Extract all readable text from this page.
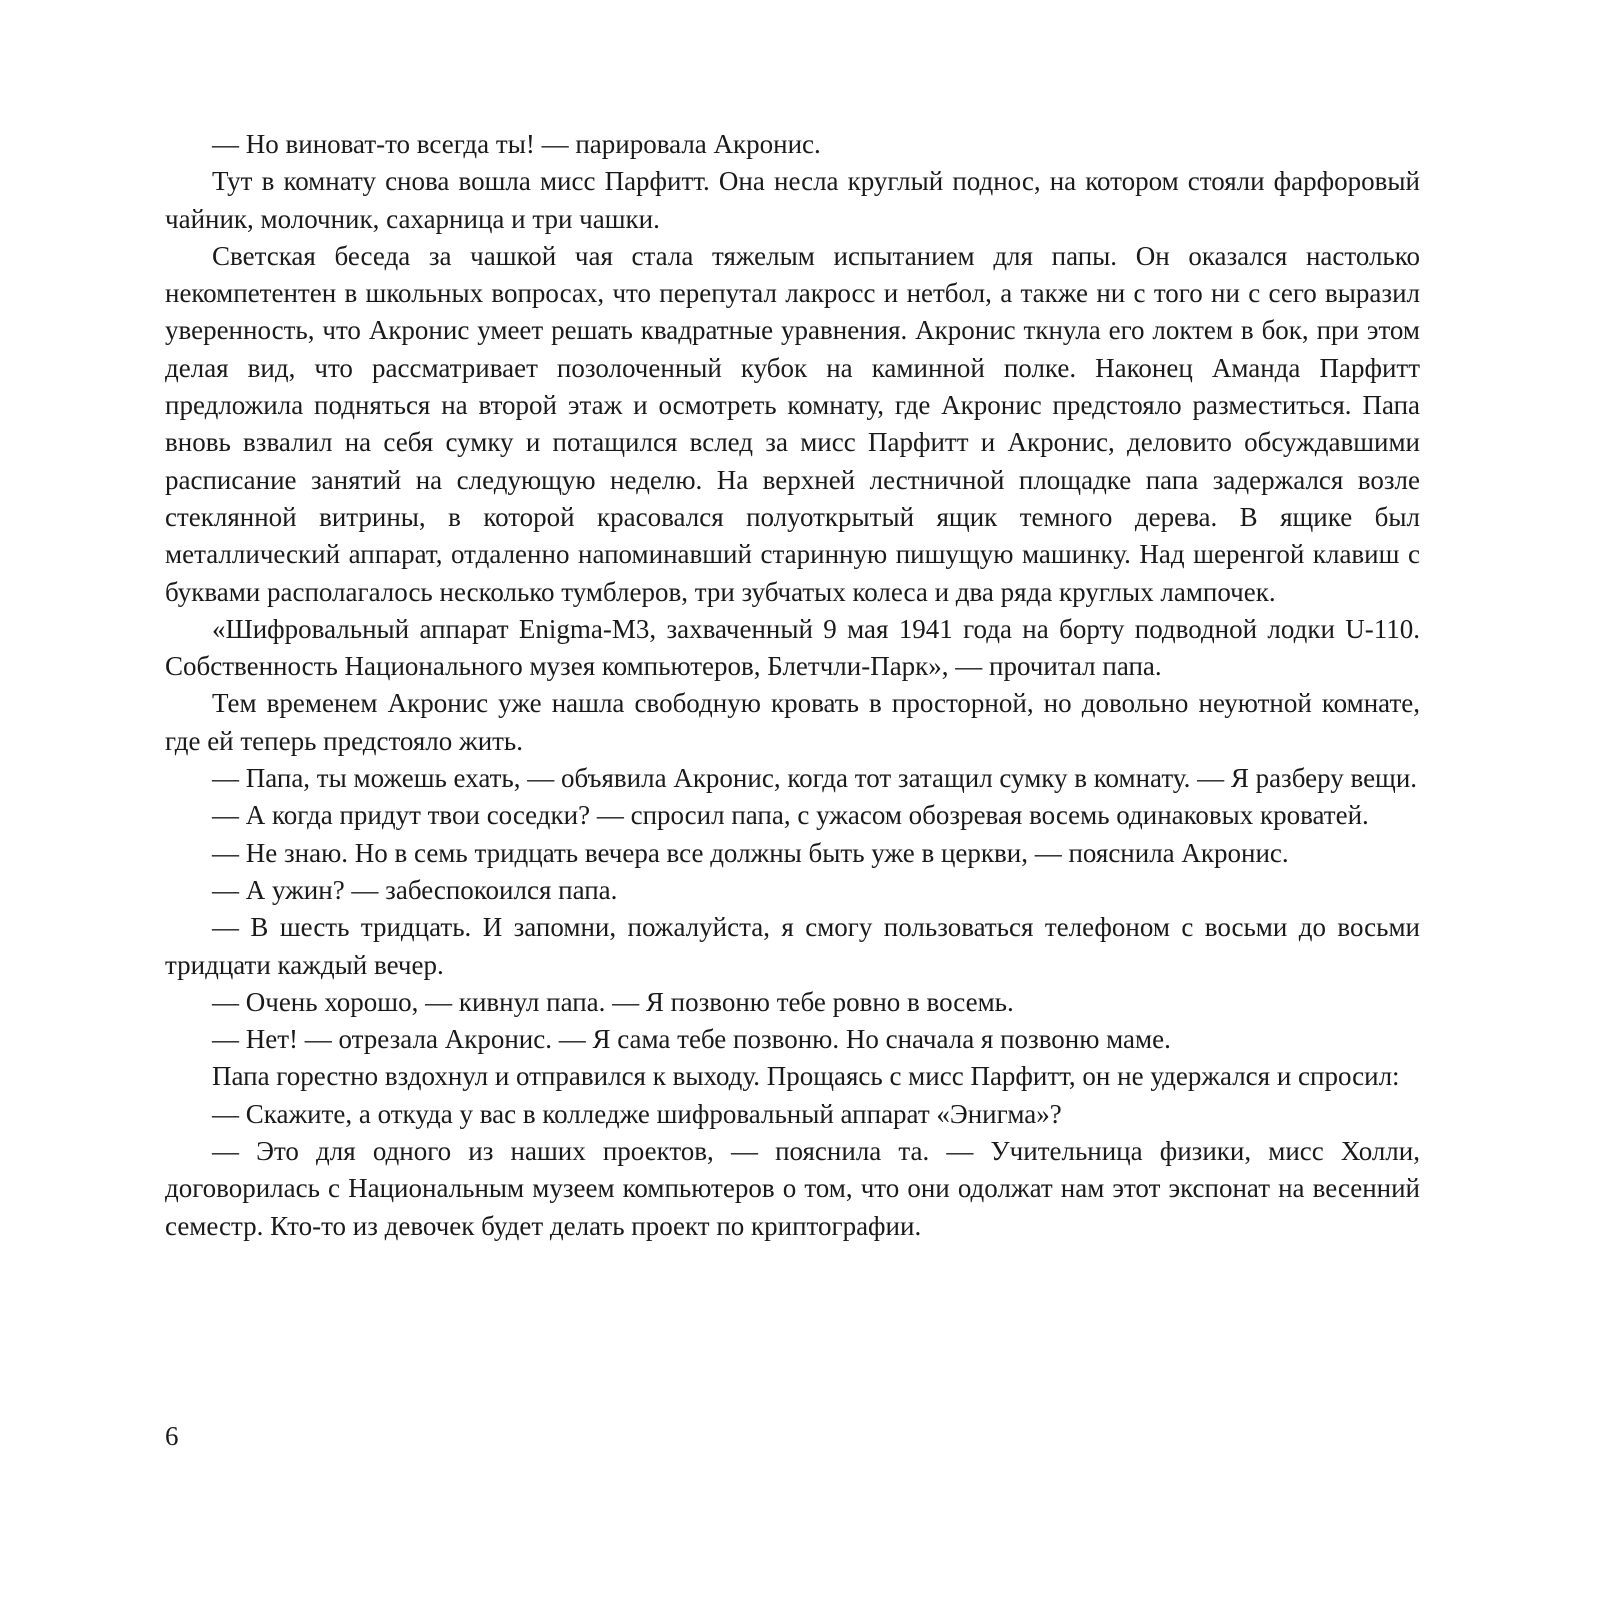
— Но виноват-то всегда ты! — парировала Акронис.

Тут в комнату снова вошла мисс Парфитт. Она несла круглый поднос, на котором стояли фарфоровый чайник, молочник, сахарница и три чашки.

Светская беседа за чашкой чая стала тяжелым испытанием для папы. Он оказался настолько некомпетентен в школьных вопросах, что перепутал лакросс и нетбол, а также ни с того ни с сего выразил уверенность, что Акронис умеет решать квадратные уравнения. Акронис ткнула его локтем в бок, при этом делая вид, что рассматривает позолоченный кубок на каминной полке. Наконец Аманда Парфитт предложила подняться на второй этаж и осмотреть комнату, где Акронис предстояло разместиться. Папа вновь взвалил на себя сумку и потащился вслед за мисс Парфитт и Акронис, деловито обсуждавшими расписание занятий на следующую неделю. На верхней лестничной площадке папа задержался возле стеклянной витрины, в которой красовался полуоткрытый ящик темного дерева. В ящике был металлический аппарат, отдаленно напоминавший старинную пишущую машинку. Над шеренгой клавиш с буквами располагалось несколько тумблеров, три зубчатых колеса и два ряда круглых лампочек.

«Шифровальный аппарат Enigma-M3, захваченный 9 мая 1941 года на борту подводной лодки U-110. Собственность Национального музея компьютеров, Блетчли-Парк», — прочитал папа.

Тем временем Акронис уже нашла свободную кровать в просторной, но довольно неуютной комнате, где ей теперь предстояло жить.

— Папа, ты можешь ехать, — объявила Акронис, когда тот затащил сумку в комнату. — Я разберу вещи.

— А когда придут твои соседки? — спросил папа, с ужасом обозревая восемь одинаковых кроватей.

— Не знаю. Но в семь тридцать вечера все должны быть уже в церкви, — пояснила Акронис.

— А ужин? — забеспокоился папа.

— В шесть тридцать. И запомни, пожалуйста, я смогу пользоваться телефоном с восьми до восьми тридцати каждый вечер.

— Очень хорошо, — кивнул папа. — Я позвоню тебе ровно в восемь.

— Нет! — отрезала Акронис. — Я сама тебе позвоню. Но сначала я позвоню маме.

Папа горестно вздохнул и отправился к выходу. Прощаясь с мисс Парфитт, он не удержался и спросил:

— Скажите, а откуда у вас в колледже шифровальный аппарат «Энигма»?

— Это для одного из наших проектов, — пояснила та. — Учительница физики, мисс Холли, договорилась с Национальным музеем компьютеров о том, что они одолжат нам этот экспонат на весенний семестр. Кто-то из девочек будет делать проект по криптографии.

6
